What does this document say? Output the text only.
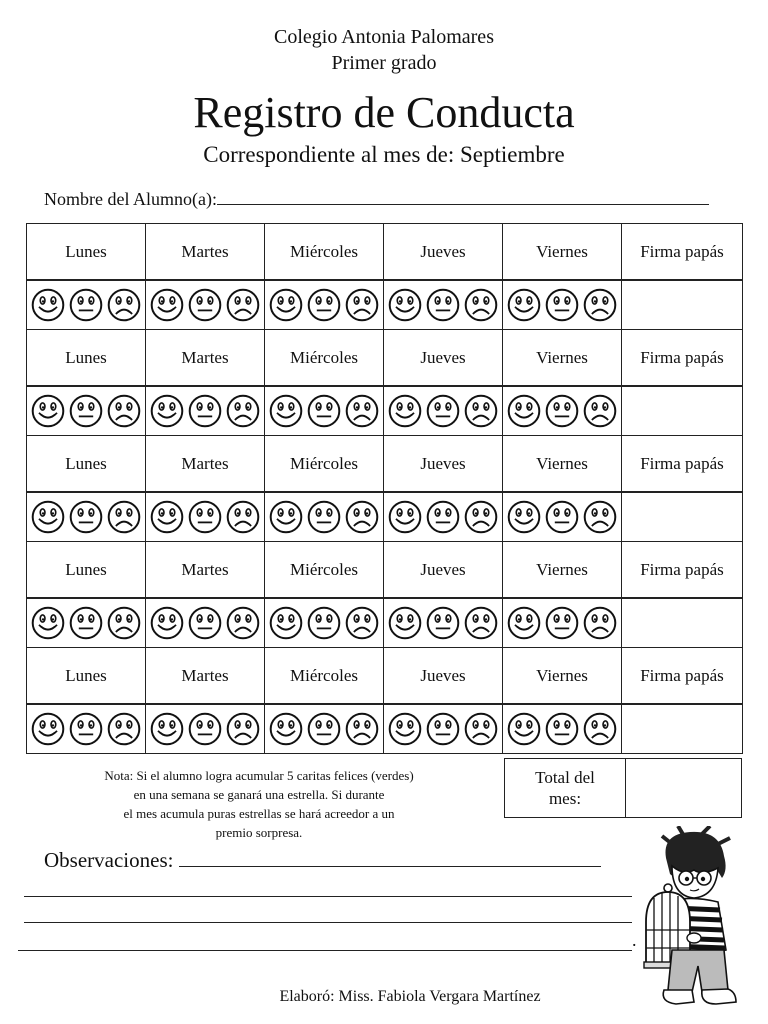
Colegio Antonia Palomares
Primer grado
Registro de Conducta
Correspondiente al mes de: Septiembre
Nombre del Alumno(a):
Lunes	Martes	Miércoles	Jueves	Viernes	Firma papás

Lunes	Martes	Miércoles	Jueves	Viernes	Firma papás

Lunes	Martes	Miércoles	Jueves	Viernes	Firma papás

Lunes	Martes	Miércoles	Jueves	Viernes	Firma papás

Lunes	Martes	Miércoles	Jueves	Viernes	Firma papás

Nota: Si el alumno logra acumular 5 caritas felices (verdes)
en una semana se ganará una estrella. Si durante
el mes acumula puras estrellas se hará acreedor a un
premio sorpresa.
Total del
mes:

Observaciones:
.
Elaboró: Miss. Fabiola Vergara Martínez
